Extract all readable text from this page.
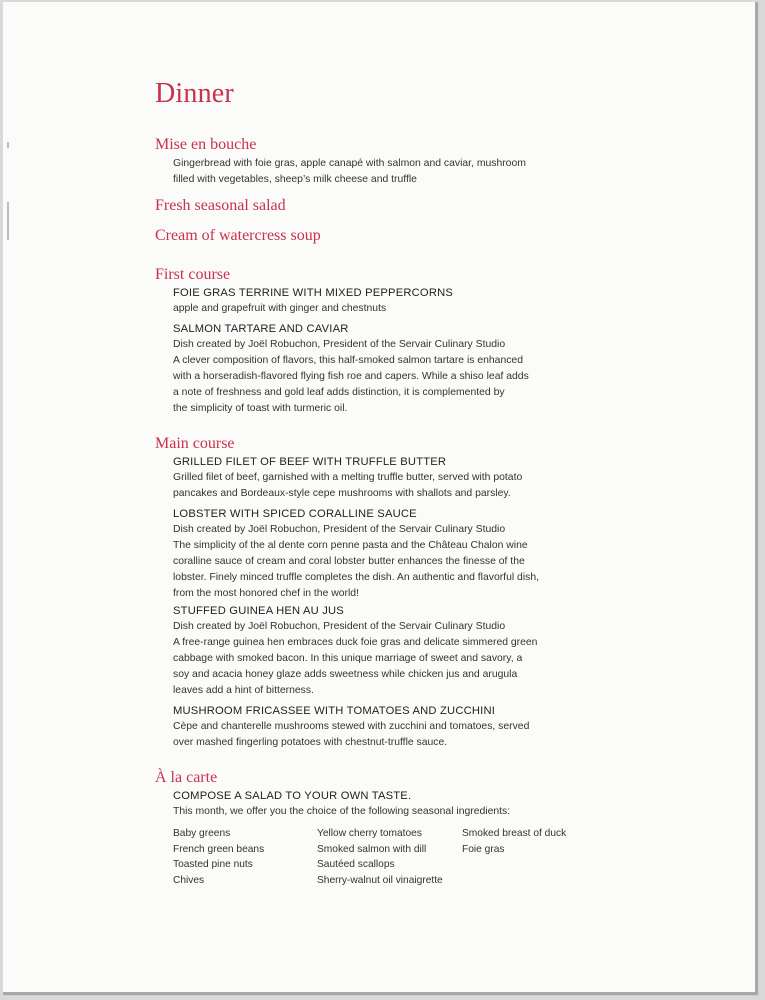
Dinner
Mise en bouche
Gingerbread with foie gras, apple canapé with salmon and caviar, mushroom
filled with vegetables, sheep’s milk cheese and truffle
Fresh seasonal salad
Cream of watercress soup
First course
FOIE GRAS TERRINE WITH MIXED PEPPERCORNS
apple and grapefruit with ginger and chestnuts
SALMON TARTARE AND CAVIAR
Dish created by Joël Robuchon, President of the Servair Culinary Studio
A clever composition of flavors, this half-smoked salmon tartare is enhanced
with a horseradish-flavored flying fish roe and capers. While a shiso leaf adds
a note of freshness and gold leaf adds distinction, it is complemented by
the simplicity of toast with turmeric oil.
Main course
GRILLED FILET OF BEEF WITH TRUFFLE BUTTER
Grilled filet of beef, garnished with a melting truffle butter, served with potato
pancakes and Bordeaux-style cepe mushrooms with shallots and parsley.
LOBSTER WITH SPICED CORALLINE SAUCE
Dish created by Joël Robuchon, President of the Servair Culinary Studio
The simplicity of the al dente corn penne pasta and the Château Chalon wine
coralline sauce of cream and coral lobster butter enhances the finesse of the
lobster. Finely minced truffle completes the dish. An authentic and flavorful dish,
from the most honored chef in the world!
STUFFED GUINEA HEN AU JUS
Dish created by Joël Robuchon, President of the Servair Culinary Studio
A free-range guinea hen embraces duck foie gras and delicate simmered green
cabbage with smoked bacon. In this unique marriage of sweet and savory, a
soy and acacia honey glaze adds sweetness while chicken jus and arugula
leaves add a hint of bitterness.
MUSHROOM FRICASSEE WITH TOMATOES AND ZUCCHINI
Cèpe and chanterelle mushrooms stewed with zucchini and tomatoes, served
over mashed fingerling potatoes with chestnut-truffle sauce.
À la carte
COMPOSE A SALAD TO YOUR OWN TASTE.
This month, we offer you the choice of the following seasonal ingredients:
Baby greens
French green beans
Toasted pine nuts
Chives
Yellow cherry tomatoes
Smoked salmon with dill
Sautéed scallops
Sherry-walnut oil vinaigrette
Smoked breast of duck
Foie gras
